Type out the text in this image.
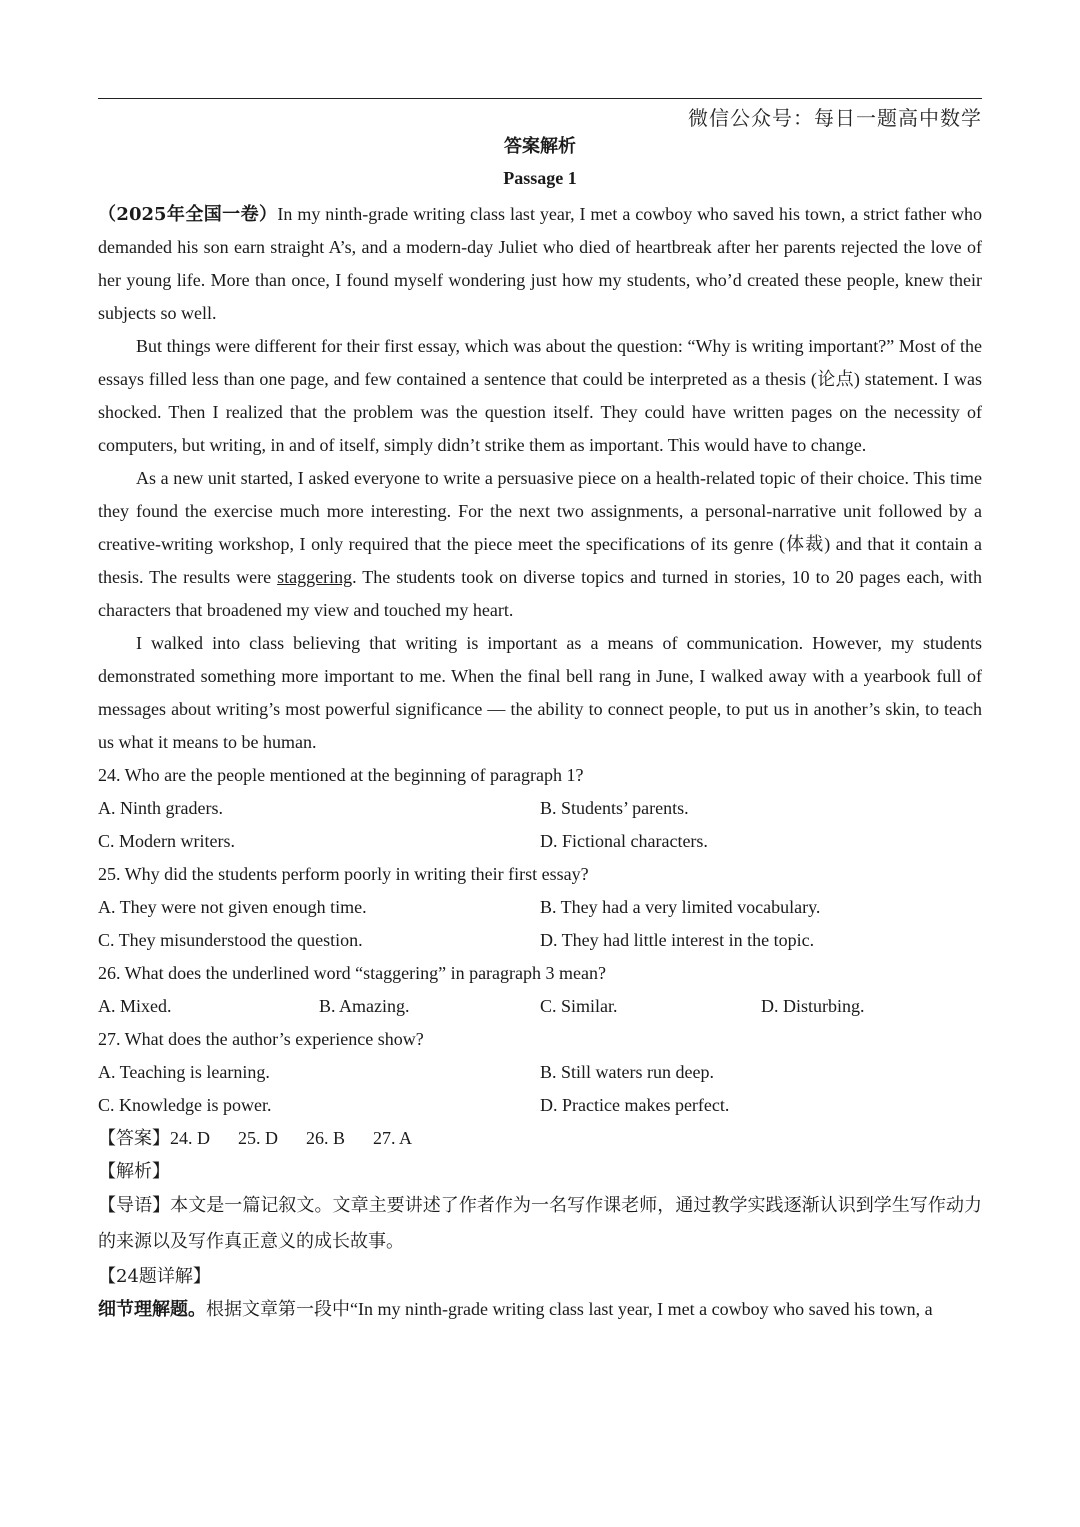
微信公众号：每日一题高中数学
答案解析
Passage 1

（2025年全国一卷）In my ninth-grade writing class last year, I met a cowboy who saved his town, a strict father who demanded his son earn straight A’s, and a modern-day Juliet who died of heartbreak after her parents rejected the love of her young life. More than once, I found myself wondering just how my students, who’d created these people, knew their subjects so well.

But things were different for their first essay, which was about the question: “Why is writing important?” Most of the essays filled less than one page, and few contained a sentence that could be interpreted as a thesis (论点) statement. I was shocked. Then I realized that the problem was the question itself. They could have written pages on the necessity of computers, but writing, in and of itself, simply didn’t strike them as important. This would have to change.

As a new unit started, I asked everyone to write a persuasive piece on a health-related topic of their choice. This time they found the exercise much more interesting. For the next two assignments, a personal-narrative unit followed by a creative-writing workshop, I only required that the piece meet the specifications of its genre (体裁) and that it contain a thesis. The results were staggering. The students took on diverse topics and turned in stories, 10 to 20 pages each, with characters that broadened my view and touched my heart.

I walked into class believing that writing is important as a means of communication. However, my students demonstrated something more important to me. When the final bell rang in June, I walked away with a yearbook full of messages about writing’s most powerful significance — the ability to connect people, to put us in another’s skin, to teach us what it means to be human.

24. Who are the people mentioned at the beginning of paragraph 1?

A. Ninth graders.	B. Students’ parents.
C. Modern writers.	D. Fictional characters.

25. Why did the students perform poorly in writing their first essay?

A. They were not given enough time.	B. They had a very limited vocabulary.
C. They misunderstood the question.	D. They had little interest in the topic.

26. What does the underlined word “staggering” in paragraph 3 mean?

A. Mixed.	B. Amazing.	C. Similar.	D. Disturbing.

27. What does the author’s experience show?

A. Teaching is learning.	B. Still waters run deep.
C. Knowledge is power.	D. Practice makes perfect.

【答案】24. D 25. D 26. B 27. A

【解析】

【导语】本文是一篇记叙文。文章主要讲述了作者作为一名写作课老师，通过教学实践逐渐认识到学生写作动力的来源以及写作真正意义的成长故事。

【24题详解】

细节理解题。根据文章第一段中“In my ninth-grade writing class last year, I met a cowboy who saved his town, a
